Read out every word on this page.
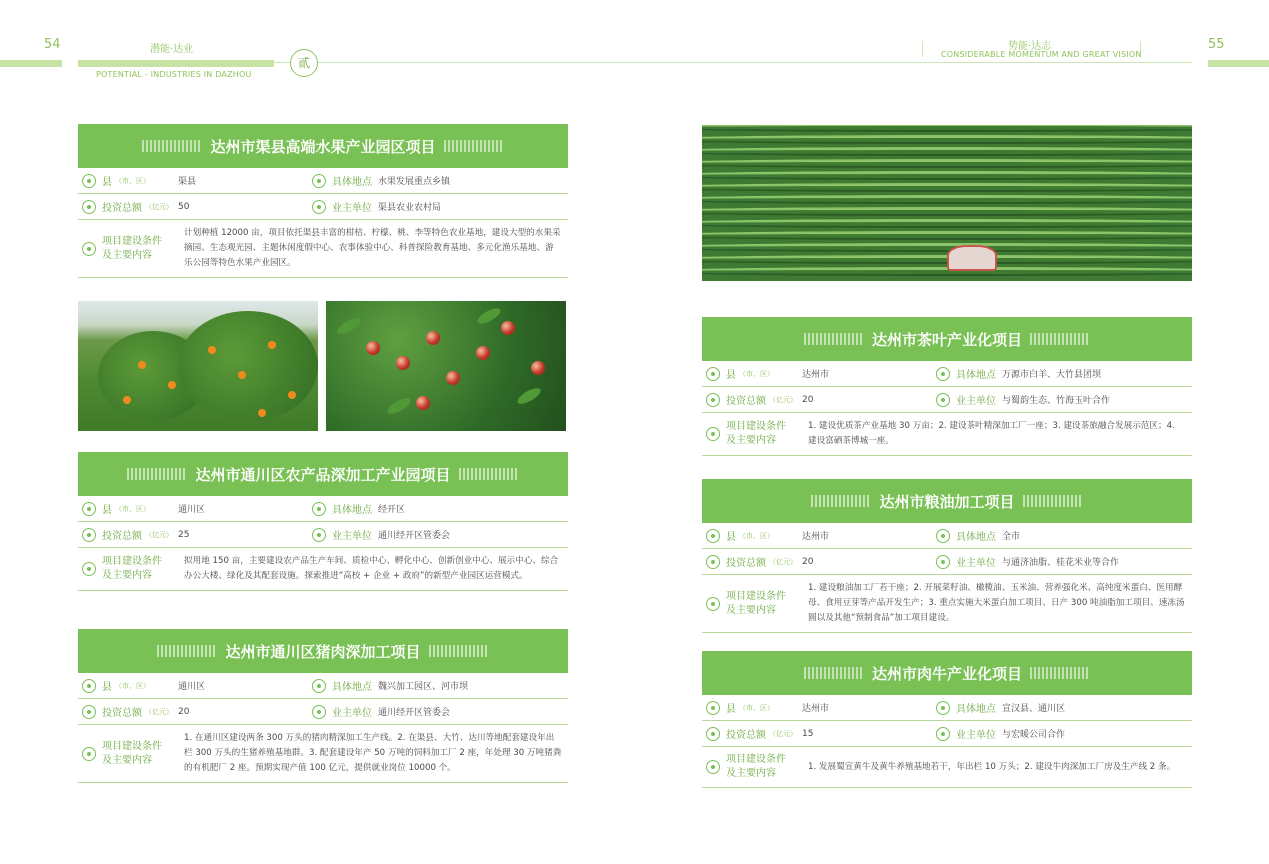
54	55
潜能·达业
POTENTIAL - INDUSTRIES IN DAZHOU
贰
势能·达志
CONSIDERABLE MOMENTUM AND GREAT VISION
达州市渠县高端水果产业园区项目
县 （市、区）	渠县	具体地点 水果发展重点乡镇
投资总额 （亿元） 50	业主单位 渠县农业农村局
项目建设条件
及主要内容
计划种植 12000 亩，项目依托渠县丰富的柑桔、柠檬、桃、李等特色农业基地，建设大型的水果采摘园、生态观光园、主题休闲度假中心、农事体验中心、科普探险教育基地、多元化渔乐基地、游乐公园等特色水果产业园区。
达州市通川区农产品深加工产业园项目
县 （市、区）	通川区	具体地点 经开区
投资总额 （亿元） 25	业主单位 通川经开区管委会
项目建设条件
及主要内容
拟用地 150 亩，主要建设农产品生产车间、质检中心、孵化中心、创新创业中心、展示中心、综合办公大楼、绿化及其配套设施。探索推进“高校 + 企业 + 政府”的新型产业园区运营模式。
达州市通川区猪肉深加工项目
县 （市、区）	通川区	具体地点 魏兴加工园区、河市坝
投资总额 （亿元） 20	业主单位 通川经开区管委会
项目建设条件
及主要内容
1. 在通川区建设两条 300 万头的猪肉精深加工生产线。2. 在渠县、大竹、达川等地配套建设年出栏 300 万头的生猪养殖基地群。3. 配套建设年产 50 万吨的饲料加工厂 2 座，年处理 30 万吨猪粪的有机肥厂 2 座。预期实现产值 100 亿元，提供就业岗位 10000 个。
达州市茶叶产业化项目
县 （市、区）	达州市	具体地点 万源市白羊、大竹县团坝
投资总额 （亿元） 20	业主单位 与蜀韵生态、竹海玉叶合作
项目建设条件
及主要内容
1. 建设优质茶产业基地 30 万亩；2. 建设茶叶精深加工厂一座；3. 建设茶旅融合发展示范区；4. 建设富硒茶博城一座。
达州市粮油加工项目
县 （市、区）	达州市	具体地点 全市
投资总额 （亿元） 20	业主单位 与通济油脂、桂花米业等合作
项目建设条件
及主要内容
1. 建设粮油加工厂若干座；2. 开展菜籽油、橄榄油、玉米油、营养强化米、高纯度米蛋白、医用酵母、食用豆芽等产品开发生产；3. 重点实施大米蛋白加工项目、日产 300 吨油脂加工项目、速冻汤圆以及其他“预制食品”加工项目建设。
达州市肉牛产业化项目
县 （市、区）	达州市	具体地点 宣汉县、通川区
投资总额 （亿元） 15	业主单位 与宏暖公司合作
项目建设条件
及主要内容
1. 发展蜀宣黄牛及黄牛养殖基地若干，年出栏 10 万头；2. 建设牛肉深加工厂房及生产线 2 条。
